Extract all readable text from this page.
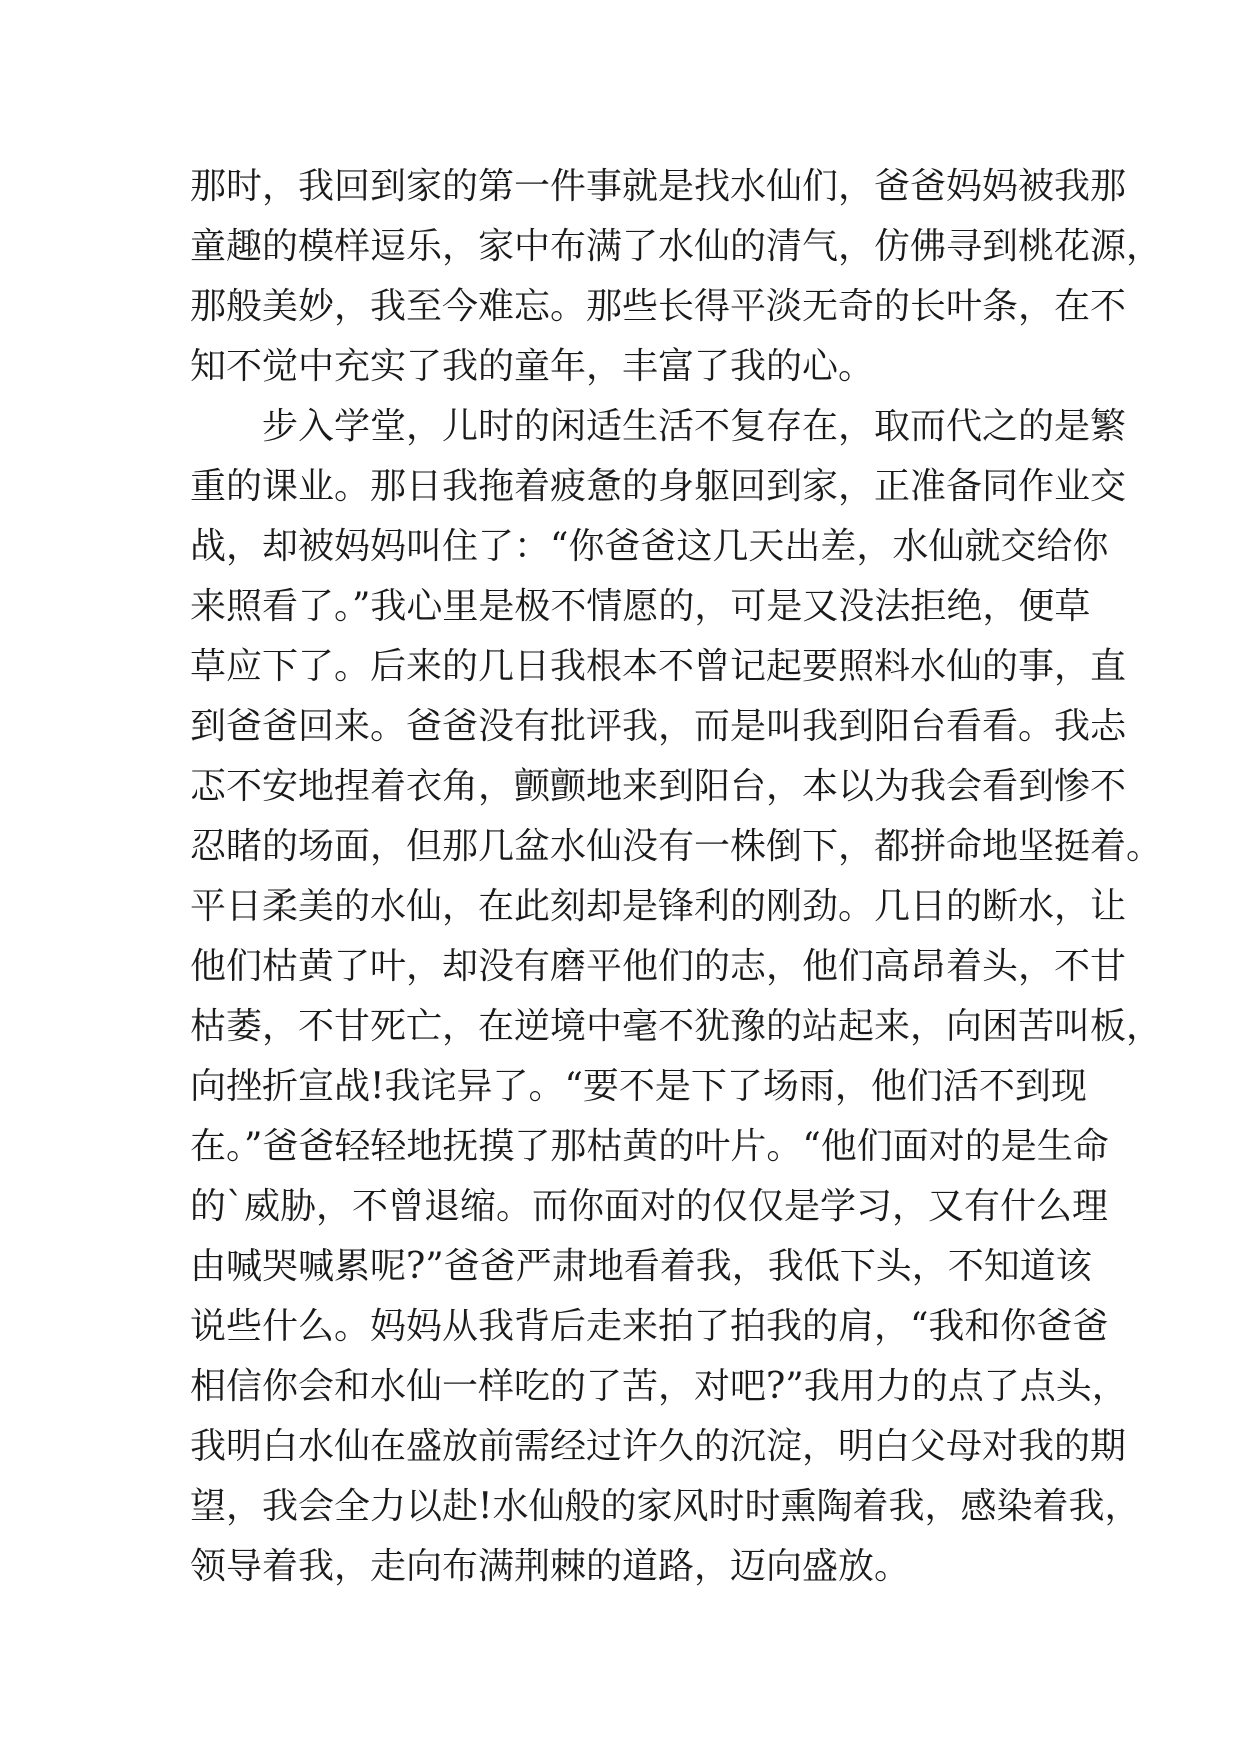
那时，我回到家的第一件事就是找水仙们，爸爸妈妈被我那
童趣的模样逗乐，家中布满了水仙的清气，仿佛寻到桃花源，
那般美妙，我至今难忘。那些长得平淡无奇的长叶条，在不
知不觉中充实了我的童年，丰富了我的心。
步入学堂，儿时的闲适生活不复存在，取而代之的是繁
重的课业。那日我拖着疲惫的身躯回到家，正准备同作业交
战，却被妈妈叫住了：“你爸爸这几天出差，水仙就交给你
来照看了。”我心里是极不情愿的，可是又没法拒绝，便草
草应下了。后来的几日我根本不曾记起要照料水仙的事，直
到爸爸回来。爸爸没有批评我，而是叫我到阳台看看。我忐
忑不安地捏着衣角，颤颤地来到阳台，本以为我会看到惨不
忍睹的场面，但那几盆水仙没有一株倒下，都拼命地坚挺着。
平日柔美的水仙，在此刻却是锋利的刚劲。几日的断水，让
他们枯黄了叶，却没有磨平他们的志，他们高昂着头，不甘
枯萎，不甘死亡，在逆境中毫不犹豫的站起来，向困苦叫板，
向挫折宣战!我诧异了。“要不是下了场雨，他们活不到现
在。”爸爸轻轻地抚摸了那枯黄的叶片。“他们面对的是生命
的`威胁，不曾退缩。而你面对的仅仅是学习，又有什么理
由喊哭喊累呢?”爸爸严肃地看着我，我低下头，不知道该
说些什么。妈妈从我背后走来拍了拍我的肩，“我和你爸爸
相信你会和水仙一样吃的了苦，对吧?”我用力的点了点头，
我明白水仙在盛放前需经过许久的沉淀，明白父母对我的期
望，我会全力以赴!水仙般的家风时时熏陶着我，感染着我，
领导着我，走向布满荆棘的道路，迈向盛放。
